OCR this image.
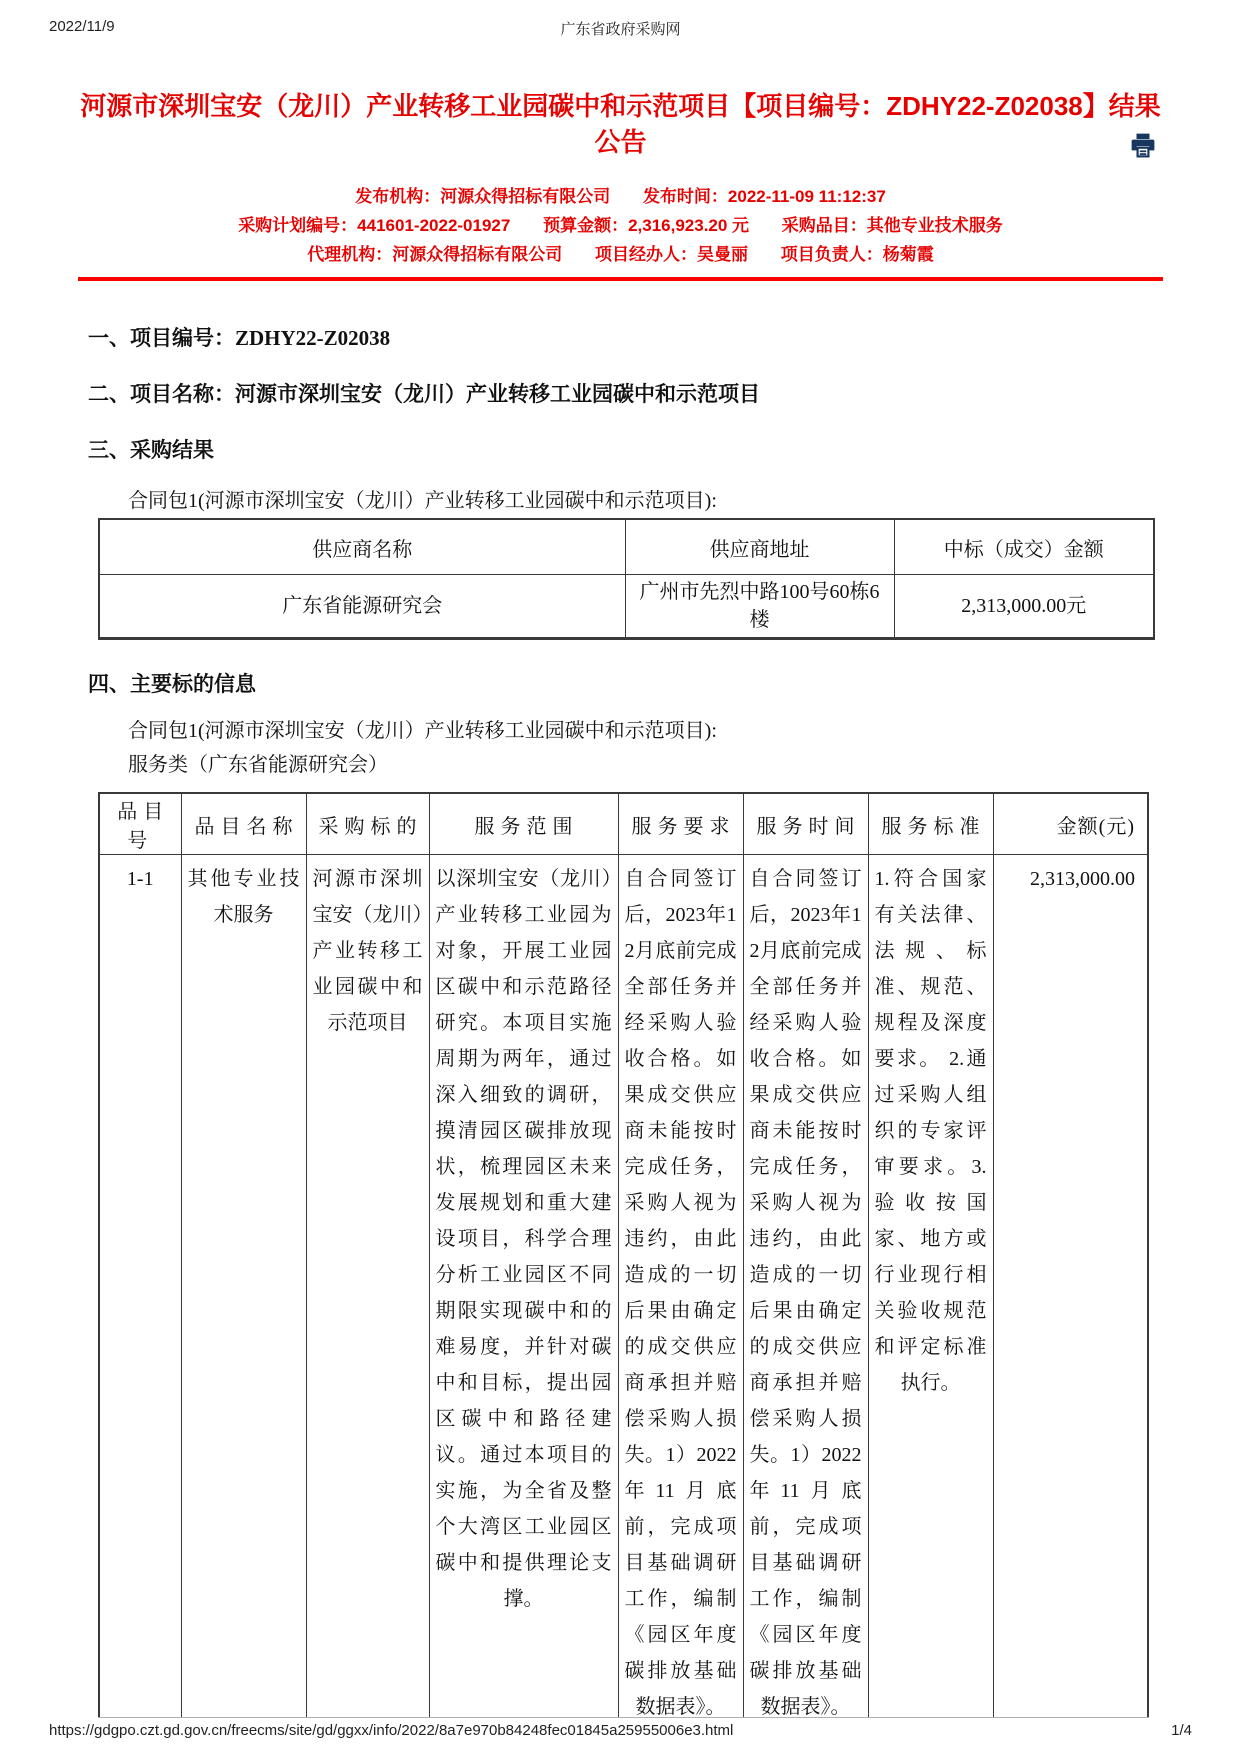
2022/11/9	广东省政府采购网
河源市深圳宝安（龙川）产业转移工业园碳中和示范项目【项目编号：ZDHY22-Z02038】结果公告
发布机构：河源众得招标有限公司 发布时间：2022-11-09 11:12:37
采购计划编号：441601-2022-01927 预算金额：2,316,923.20 元 采购品目：其他专业技术服务
代理机构：河源众得招标有限公司 项目经办人：吴曼丽 项目负责人：杨菊霞
一、项目编号：ZDHY22-Z02038
二、项目名称：河源市深圳宝安（龙川）产业转移工业园碳中和示范项目
三、采购结果

合同包1(河源市深圳宝安（龙川）产业转移工业园碳中和示范项目):

供应商名称	供应商地址	中标（成交）金额
广东省能源研究会	广州市先烈中路100号60栋6楼	2,313,000.00元
四、主要标的信息

合同包1(河源市深圳宝安（龙川）产业转移工业园碳中和示范项目):

服务类（广东省能源研究会）

品目号	品目名称	采购标的	服务范围	服务要求	服务时间	服务标准	金额(元)
1-1	其他专业技术服务	河源市深圳宝安（龙川）产业转移工业园碳中和示范项目	以深圳宝安（龙川）产业转移工业园为对象，开展工业园区碳中和示范路径研究。本项目实施周期为两年，通过深入细致的调研，摸清园区碳排放现状，梳理园区未来发展规划和重大建设项目，科学合理分析工业园区不同期限实现碳中和的难易度，并针对碳中和目标，提出园区碳中和路径建议。通过本项目的实施，为全省及整个大湾区工业园区碳中和提供理论支撑。	自合同签订后，2023年12月底前完成全部任务并经采购人验收合格。如果成交供应商未能按时完成任务，采购人视为违约，由此造成的一切后果由确定的成交供应商承担并赔偿采购人损失。1）2022年11月底前，完成项目基础调研工作，编制《园区年度碳排放基础数据表》。	自合同签订后，2023年12月底前完成全部任务并经采购人验收合格。如果成交供应商未能按时完成任务，采购人视为违约，由此造成的一切后果由确定的成交供应商承担并赔偿采购人损失。1）2022年11月底前，完成项目基础调研工作，编制《园区年度碳排放基础数据表》。	1.符合国家有关法律、法规、标准、规范、规程及深度要求。 2.通过采购人组织的专家评审要求。3.验收按国家、地方或行业现行相关验收规范和评定标准执行。	2,313,000.00
https://gdgpo.czt.gd.gov.cn/freecms/site/gd/ggxx/info/2022/8a7e970b84248fec01845a25955006e3.html	1/4
